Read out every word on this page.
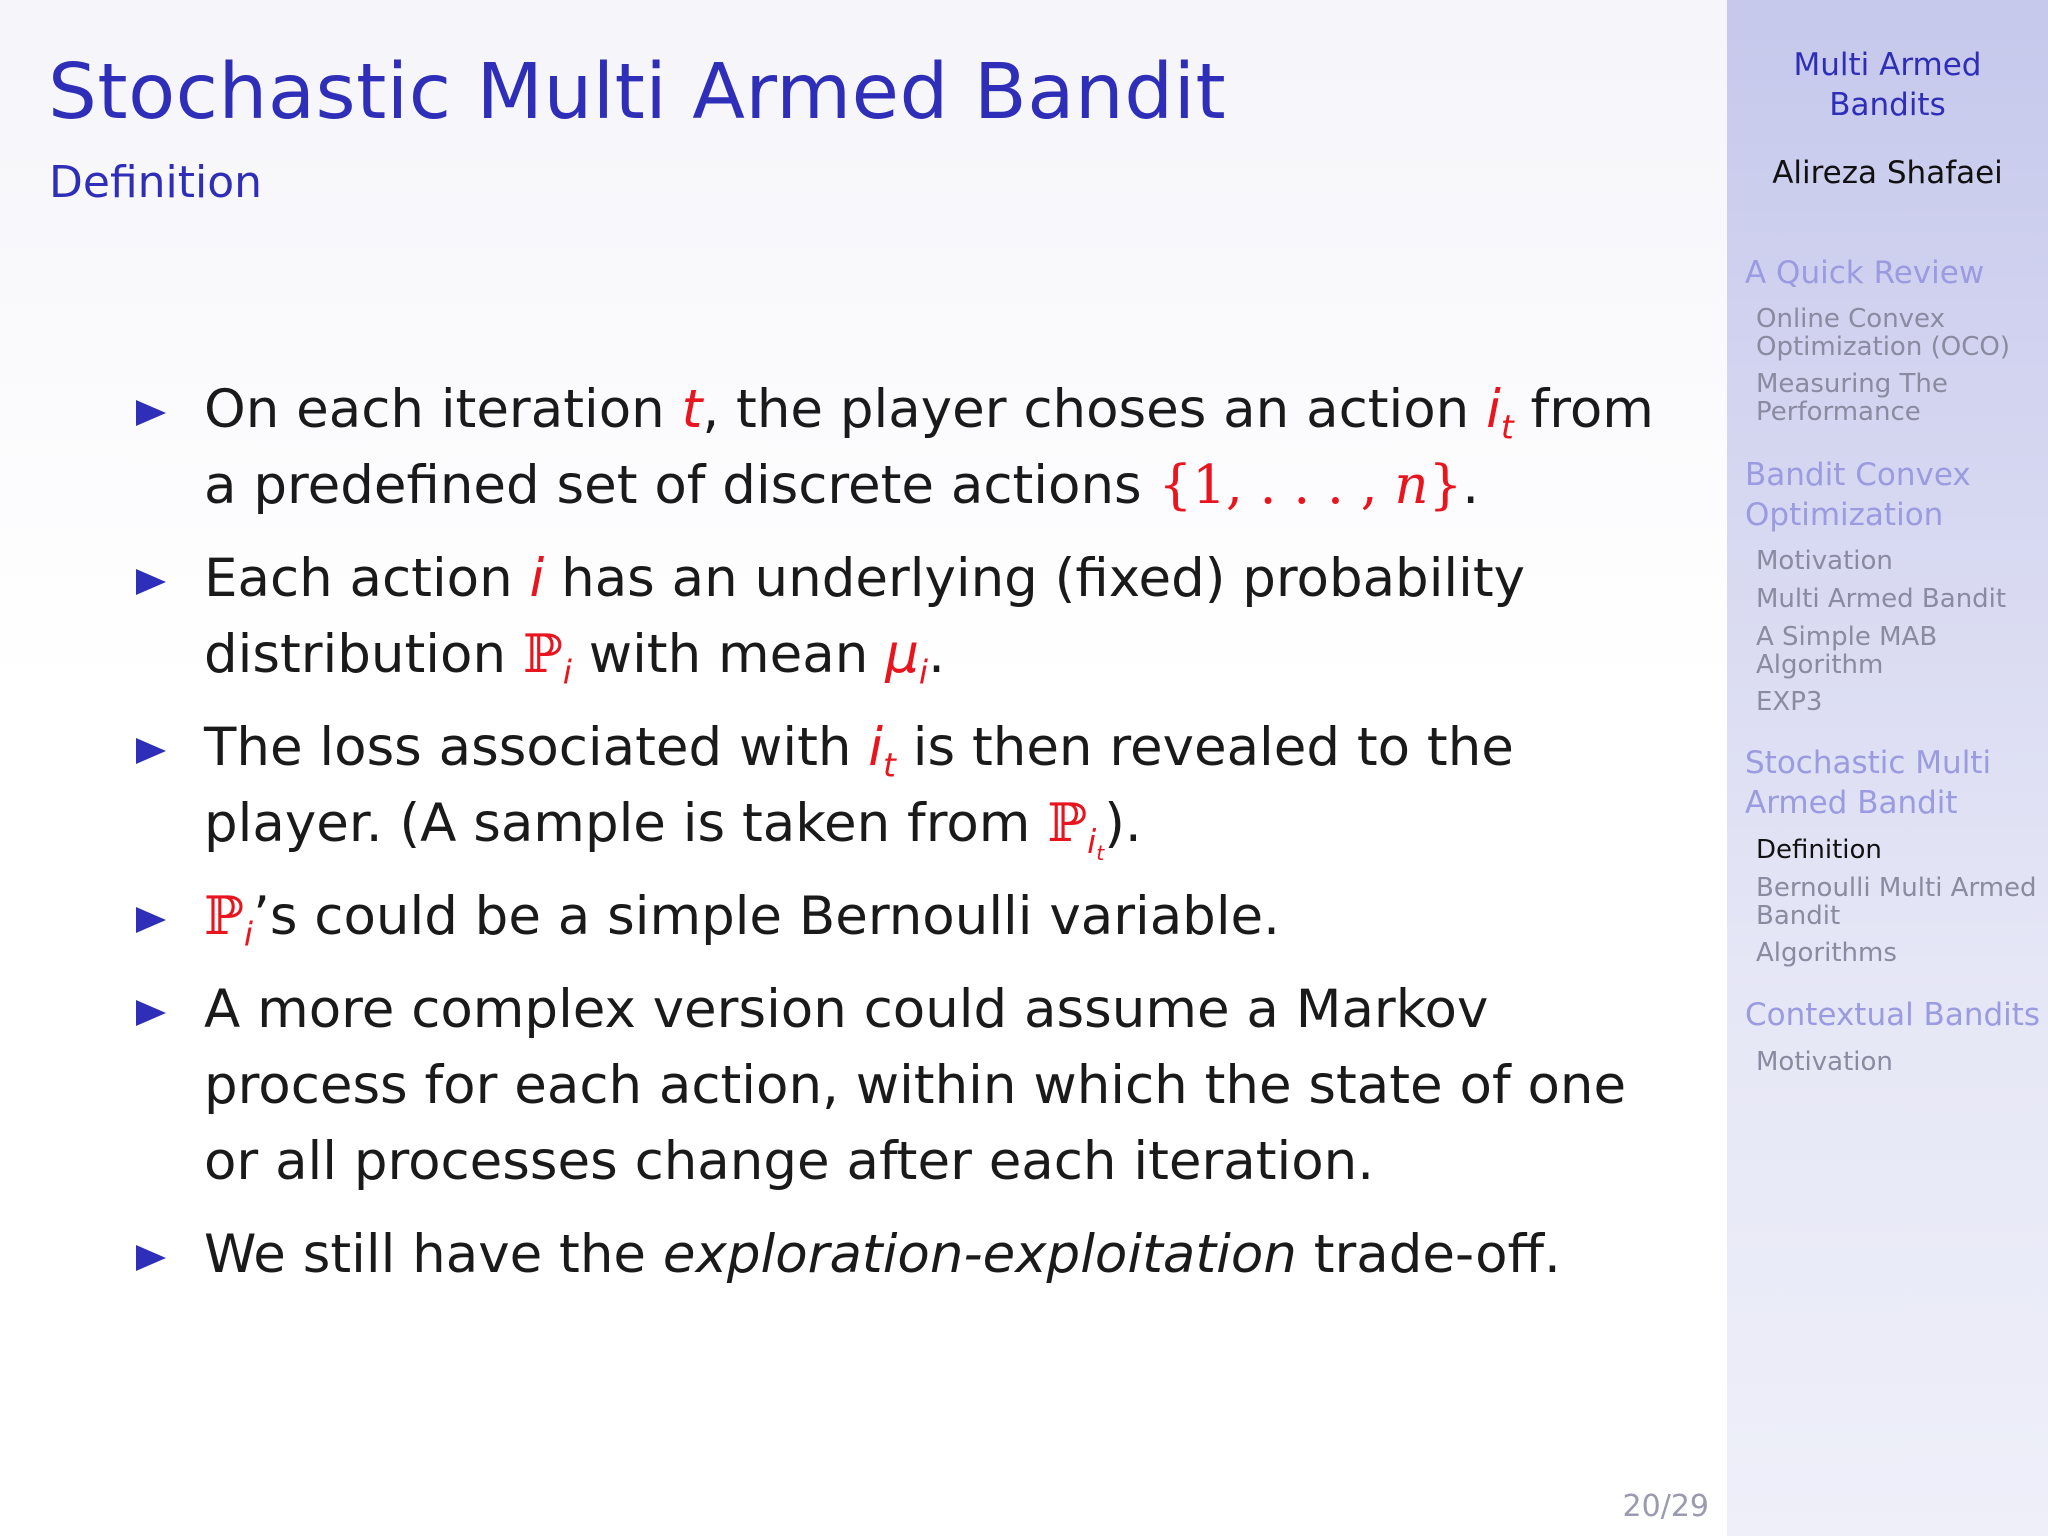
Stochastic Multi Armed Bandit
Definition
On each iteration t, the player choses an action $i_t$ from a predefined set of discrete actions {1, . . . , n}.
Each action i has an underlying (fixed) probability distribution ℙ$_i$ with mean $\mu_i$.
The loss associated with $i_t$ is then revealed to the player. (A sample is taken from ℙ$_{i_t}$).
ℙ$_i$’s could be a simple Bernoulli variable.
A more complex version could assume a Markov process for each action, within which the state of one or all processes change after each iteration.
We still have the exploration-exploitation trade-off.
20/29
Multi Armed
Bandits
Alireza Shafaei
A Quick Review
Online Convex
Optimization (OCO)
Measuring The
Performance
Bandit Convex
Optimization
Motivation
Multi Armed Bandit
A Simple MAB
Algorithm
EXP3
Stochastic Multi
Armed Bandit
Definition
Bernoulli Multi Armed
Bandit
Algorithms
Contextual Bandits
Motivation
